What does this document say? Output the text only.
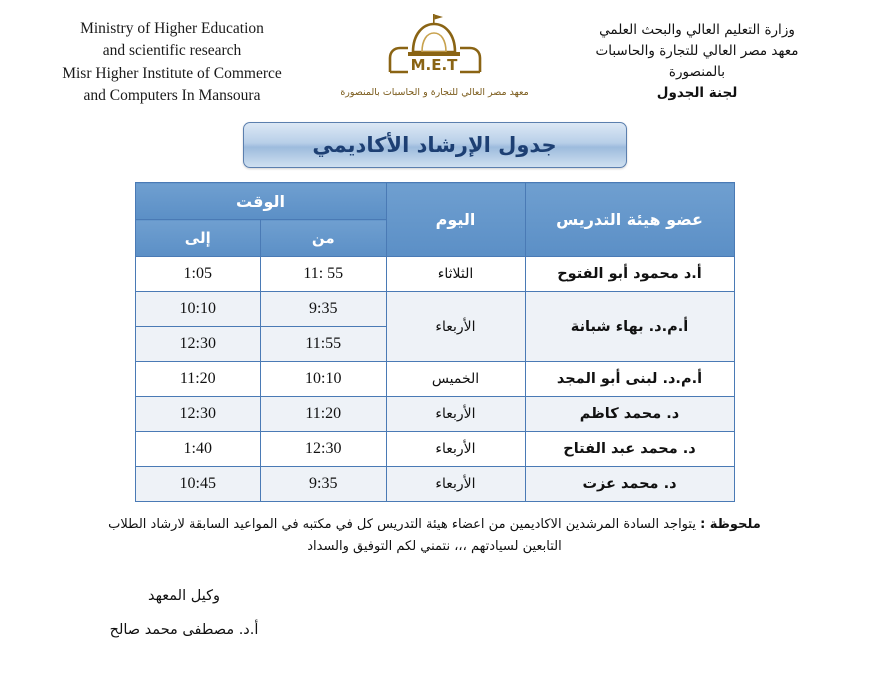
Ministry of Higher Education
and scientific research
Misr Higher Institute of Commerce
and Computers In Mansoura
M.E.T
معهد مصر العالي للتجارة و الحاسبات بالمنصورة
وزارة التعليم العالي والبحث العلمي
معهد مصر العالي للتجارة والحاسبات
بالمنصورة
لجنة الجدول
جدول الإرشاد الأكاديمي
عضو هيئة التدريس	اليوم	الوقت	
		من	إلى
أ.د محمود أبو الفتوح	الثلاثاء	11: 55	1:05
أ.م.د. بهاء شبانة	الأربعاء	9:35	10:10
		11:55	12:30
أ.م.د. لبنى أبو المجد	الخميس	10:10	11:20
د. محمد كاظم	الأربعاء	11:20	12:30
د. محمد عبد الفتاح	الأربعاء	12:30	1:40
د. محمد عزت	الأربعاء	9:35	10:45
ملحوظة : يتواجد السادة المرشدين الاكاديمين من اعضاء هيئة التدريس كل في مكتبه في المواعيد السابقة لارشاد الطلاب التابعين لسيادتهم ،،، نتمني لكم التوفيق والسداد
وكيل المعهد
أ.د. مصطفى محمد صالح
